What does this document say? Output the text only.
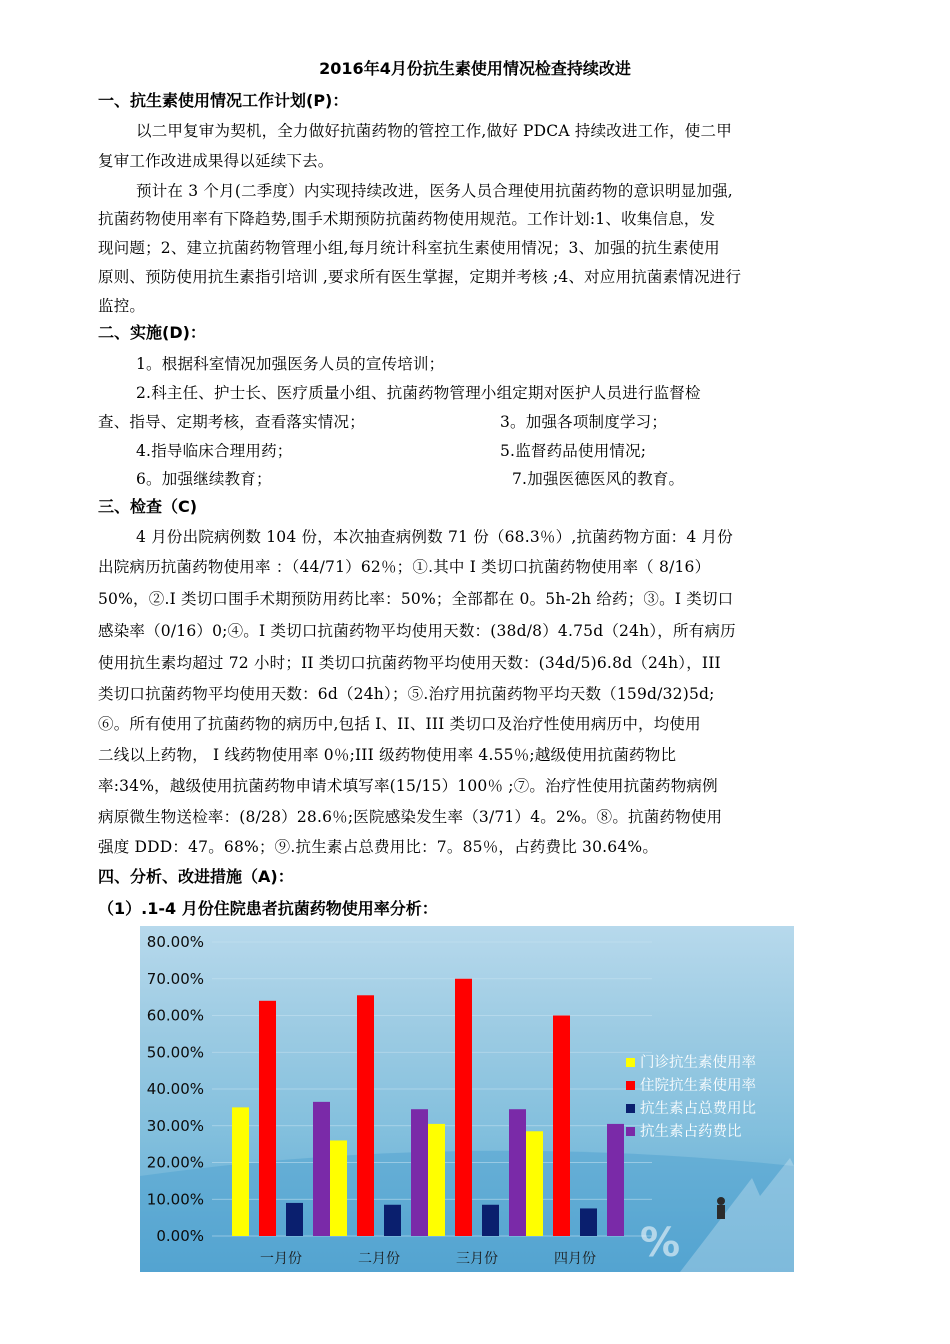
2016年4月份抗生素使用情况检查持续改进
一、抗生素使用情况工作计划(P)：
以二甲复审为契机，全力做好抗菌药物的管控工作,做好 PDCA 持续改进工作，使二甲
复审工作改进成果得以延续下去。
预计在 3 个月(二季度）内实现持续改进，医务人员合理使用抗菌药物的意识明显加强,
抗菌药物使用率有下降趋势,围手术期预防抗菌药物使用规范。工作计划:1、收集信息，发
现问题；2、建立抗菌药物管理小组,每月统计科室抗生素使用情况；3、加强的抗生素使用
原则、预防使用抗生素指引培训 ,要求所有医生掌握，定期并考核 ;4、对应用抗菌素情况进行
监控。
二、实施(D)：
1。根据科室情况加强医务人员的宣传培训；
2.科主任、护士长、医疗质量小组、抗菌药物管理小组定期对医护人员进行监督检
查、指导、定期考核，查看落实情况；	3。加强各项制度学习；
4.指导临床合理用药；	5.监督药品使用情况;
6。加强继续教育；	7.加强医德医风的教育。
三、检查（C)
4 月份出院病例数 104 份，本次抽查病例数 71 份（68.3％）,抗菌药物方面：4 月份
出院病历抗菌药物使用率 ：（44/71）62％；①.其中 Ⅰ 类切口抗菌药物使用率（ 8/16）
50%，②.Ⅰ 类切口围手术期预防用药比率：50%；全部都在 0。5h-2h 给药；③。Ⅰ 类切口
感染率（0/16）0;④。Ⅰ 类切口抗菌药物平均使用天数：(38d/8）4.75d（24h），所有病历
使用抗生素均超过 72 小时；II 类切口抗菌药物平均使用天数：(34d/5)6.8d（24h），III
类切口抗菌药物平均使用天数：6d（24h）；⑤.治疗用抗菌药物平均天数（159d/32)5d;
⑥。所有使用了抗菌药物的病历中,包括 Ⅰ、II、III 类切口及治疗性使用病历中，均使用
二线以上药物， Ⅰ 线药物使用率 0％;III 级药物使用率 4.55％;越级使用抗菌药物比
率:34%，越级使用抗菌药物申请术填写率(15/15）100％ ;⑦。治疗性使用抗菌药物病例
病原微生物送检率：(8/28）28.6％;医院感染发生率（3/71）4。2%。⑧。抗菌药物使用
强度 DDD：47。68%；⑨.抗生素占总费用比：7。85％，占药费比 30.64%。
四、分析、改进措施（A)：
（1）.1-4 月份住院患者抗菌药物使用率分析：
0.00%
10.00%
20.00%
30.00%
40.00%
50.00%
60.00%
70.00%
80.00%
一月份	二月份	三月份	四月份
门诊抗生素使用率
住院抗生素使用率
抗生素占总费用比
抗生素占药费比
%
